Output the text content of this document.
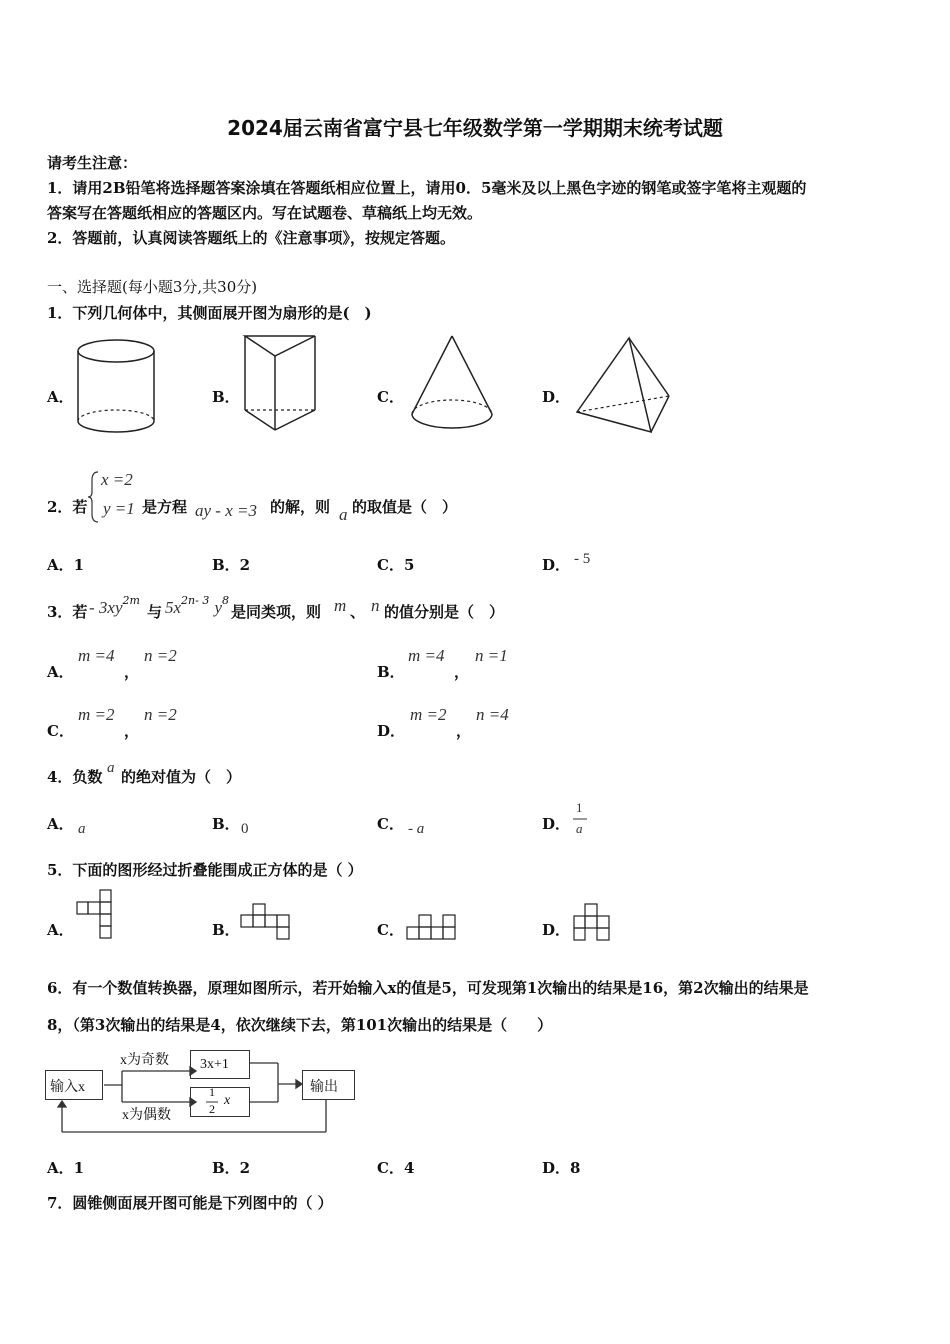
2024届云南省富宁县七年级数学第一学期期末统考试题
请考生注意：
1．请用2B铅笔将选择题答案涂填在答题纸相应位置上，请用0．5毫米及以上黑色字迹的钢笔或签字笔将主观题的
答案写在答题纸相应的答题区内。写在试题卷、草稿纸上均无效。
2．答题前，认真阅读答题纸上的《注意事项》，按规定答题。
一、选择题(每小题3分,共30分)
1．下列几何体中，其侧面展开图为扇形的是(　)
A．	B．	C．	D．
2．若
x =2
y =1 是方程 ay - x =3 的解，则 a 的取值是（　）
A．1	B．2	C．5	D． - 5
3．若 - $3xy^{2m}$
与 $5x^{2n- 3}$ $y^8$
是同类项，则 m 、 n 的值分别是（　）
A．
m =4
，
n =2
B．
m =4
，
n =1
C．
m =2
，
n =2
D．
m =2
，
n =4
4．负数 a 的绝对值为（　）
A． a	B． 0	C． - a	D．
1
a
5．下面的图形经过折叠能围成正方体的是（ ）
A．	B．	C．	D．
6．有一个数值转换器，原理如图所示，若开始输入x的值是5，可发现第1次输出的结果是16，第2次输出的结果是
8，（第3次输出的结果是4，依次继续下去，第101次输出的结果是（　　）
输入x
x为奇数
x为偶数
3x+1
1
2
x
输出
A．1	B．2	C．4	D．8
7．圆锥侧面展开图可能是下列图中的（ ）
